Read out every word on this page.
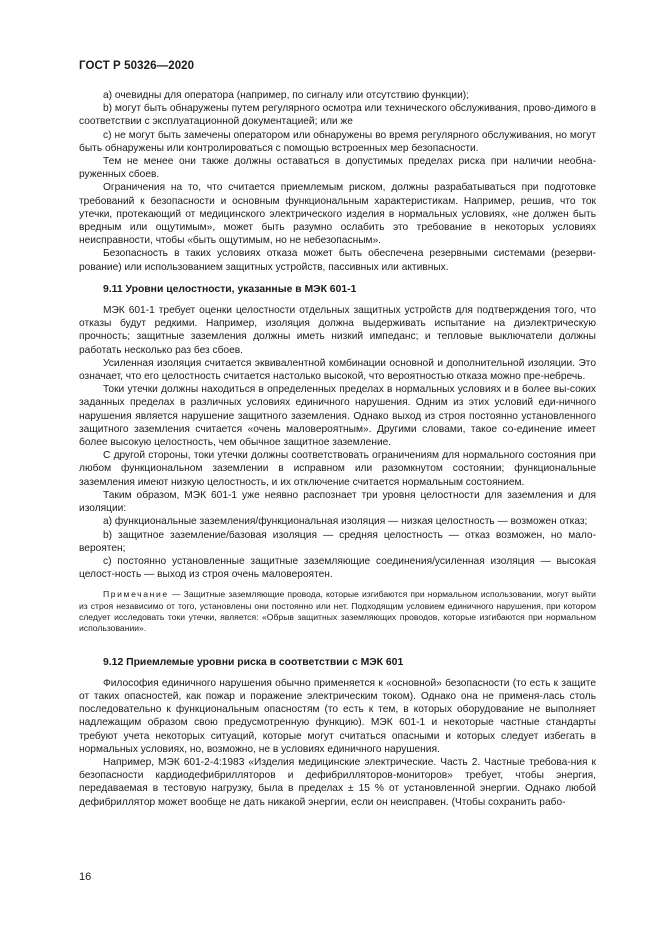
ГОСТ Р 50326—2020

а) очевидны для оператора (например, по сигналу или отсутствию функции);

b) могут быть обнаружены путем регулярного осмотра или технического обслуживания, прово-димого в соответствии с эксплуатационной документацией; или же

с) не могут быть замечены оператором или обнаружены во время регулярного обслуживания, но могут быть обнаружены или контролироваться с помощью встроенных мер безопасности.

Тем не менее они также должны оставаться в допустимых пределах риска при наличии необна-руженных сбоев.

Ограничения на то, что считается приемлемым риском, должны разрабатываться при подготовке требований к безопасности и основным функциональным характеристикам. Например, решив, что ток утечки, протекающий от медицинского электрического изделия в нормальных условиях, «не должен быть вредным или ощутимым», может быть разумно ослабить это требование в некоторых условиях неисправности, чтобы «быть ощутимым, но не небезопасным».

Безопасность в таких условиях отказа может быть обеспечена резервными системами (резерви-рование) или использованием защитных устройств, пассивных или активных.

9.11 Уровни целостности, указанные в МЭК 601-1

МЭК 601-1 требует оценки целостности отдельных защитных устройств для подтверждения того, что отказы будут редкими. Например, изоляция должна выдерживать испытание на диэлектрическую прочность; защитные заземления должны иметь низкий импеданс; и тепловые выключатели должны работать несколько раз без сбоев.

Усиленная изоляция считается эквивалентной комбинации основной и дополнительной изоляции. Это означает, что его целостность считается настолько высокой, что вероятностью отказа можно пре-небречь.

Токи утечки должны находиться в определенных пределах в нормальных условиях и в более вы-соких заданных пределах в различных условиях единичного нарушения. Одним из этих условий еди-ничного нарушения является нарушение защитного заземления. Однако выход из строя постоянно установленного защитного заземления считается «очень маловероятным». Другими словами, такое со-единение имеет более высокую целостность, чем обычное защитное заземление.

С другой стороны, токи утечки должны соответствовать ограничениям для нормального состояния при любом функциональном заземлении в исправном или разомкнутом состоянии; функциональные заземления имеют низкую целостность, и их отключение считается нормальным состоянием.

Таким образом, МЭК 601-1 уже неявно распознает три уровня целостности для заземления и для изоляции:

а) функциональные заземления/функциональная изоляция — низкая целостность — возможен отказ;

b) защитное заземление/базовая изоляция — средняя целостность — отказ возможен, но мало-вероятен;

с) постоянно установленные защитные заземляющие соединения/усиленная изоляция — высокая целост-ность — выход из строя очень маловероятен.

Примечание — Защитные заземляющие провода, которые изгибаются при нормальном использовании, могут выйти из строя независимо от того, установлены они постоянно или нет. Подходящим условием единичного нарушения, при котором следует исследовать токи утечки, является: «Обрыв защитных заземляющих проводов, которые изгибаются при нормальном использовании».

9.12 Приемлемые уровни риска в соответствии с МЭК 601

Философия единичного нарушения обычно применяется к «основной» безопасности (то есть к защите от таких опасностей, как пожар и поражение электрическим током). Однако она не применя-лась столь последовательно к функциональным опасностям (то есть к тем, в которых оборудование не выполняет надлежащим образом свою предусмотренную функцию). МЭК 601-1 и некоторые частные стандарты требуют учета некоторых ситуаций, которые могут считаться опасными и которых следует избегать в нормальных условиях, но, возможно, не в условиях единичного нарушения.

Например, МЭК 601-2-4:1983 «Изделия медицинские электрические. Часть 2. Частные требова-ния к безопасности кардиодефибрилляторов и дефибрилляторов-мониторов» требует, чтобы энергия, передаваемая в тестовую нагрузку, была в пределах ± 15 % от установленной энергии. Однако любой дефибриллятор может вообще не дать никакой энергии, если он неисправен. (Чтобы сохранить рабо-

16
